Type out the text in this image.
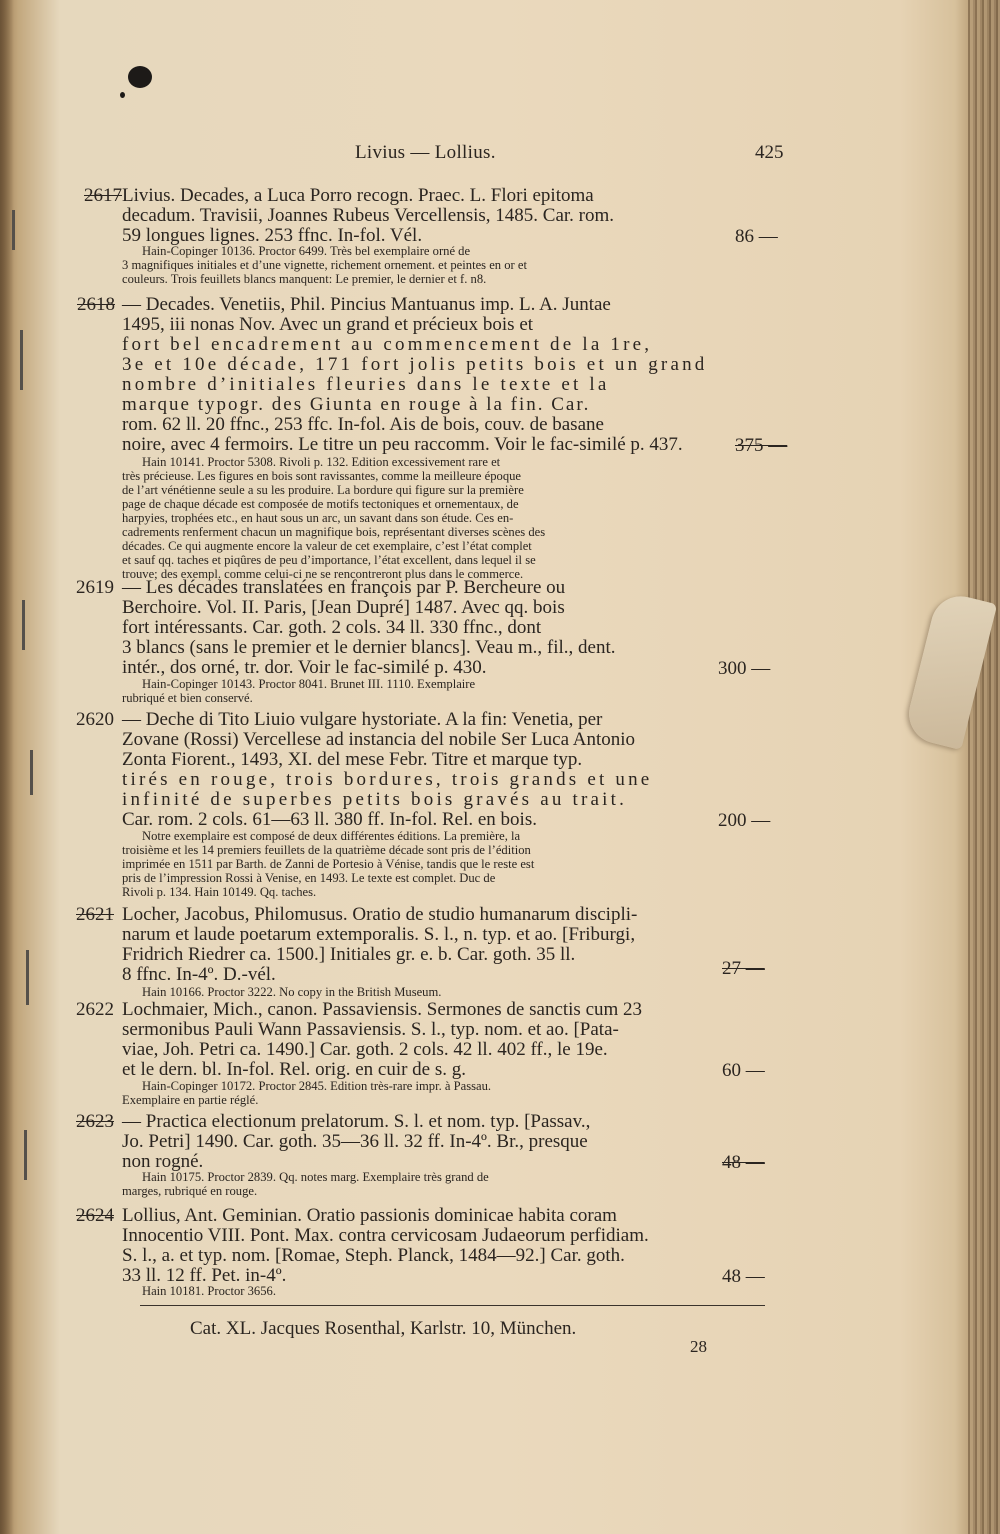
Livius — Lollius.	425
2617 Livius. Decades, a Luca Porro recogn. Praec. L. Flori epitoma
decadum. Travisii, Joannes Rubeus Vercellensis, 1485. Car. rom.
59 longues lignes. 253 ffnc. In-fol. Vél.
Hain-Copinger 10136. Proctor 6499. Très bel exemplaire orné de
3 magnifiques initiales et d’une vignette, richement ornement. et peintes en or et
couleurs. Trois feuillets blancs manquent: Le premier, le dernier et f. n8.
86 —
2618 — Decades. Venetiis, Phil. Pincius Mantuanus imp. L. A. Juntae
1495, iii nonas Nov. Avec un grand et précieux bois et
fort bel encadrement au commencement de la 1re,
3e et 10e décade, 171 fort jolis petits bois et un grand
nombre d’initiales fleuries dans le texte et la
marque typogr. des Giunta en rouge à la fin. Car.
rom. 62 ll. 20 ffnc., 253 ffc. In-fol. Ais de bois, couv. de basane
noire, avec 4 fermoirs. Le titre un peu raccomm. Voir le fac-similé p. 437.
Hain 10141. Proctor 5308. Rivoli p. 132. Edition excessivement rare et
très précieuse. Les figures en bois sont ravissantes, comme la meilleure époque
de l’art vénétienne seule a su les produire. La bordure qui figure sur la première
page de chaque décade est composée de motifs tectoniques et ornementaux, de
harpyies, trophées etc., en haut sous un arc, un savant dans son étude. Ces en-
cadrements renferment chacun un magnifique bois, représentant diverses scènes des
décades. Ce qui augmente encore la valeur de cet exemplaire, c’est l’état complet
et sauf qq. taches et piqûres de peu d’importance, l’état excellent, dans lequel il se
trouve; des exempl. comme celui-ci ne se rencontreront plus dans le commerce.
375 —
2619 — Les décades translatées en françois par P. Bercheure ou
Berchoire. Vol. II. Paris, [Jean Dupré] 1487. Avec qq. bois
fort intéressants. Car. goth. 2 cols. 34 ll. 330 ffnc., dont
3 blancs (sans le premier et le dernier blancs]. Veau m., fil., dent.
intér., dos orné, tr. dor. Voir le fac-similé p. 430.
Hain-Copinger 10143. Proctor 8041. Brunet III. 1110. Exemplaire
rubriqué et bien conservé.
300 —
2620 — Deche di Tito Liuio vulgare hystoriate. A la fin: Venetia, per
Zovane (Rossi) Vercellese ad instancia del nobile Ser Luca Antonio
Zonta Fiorent., 1493, XI. del mese Febr. Titre et marque typ.
tirés en rouge, trois bordures, trois grands et une
infinité de superbes petits bois gravés au trait.
Car. rom. 2 cols. 61—63 ll. 380 ff. In-fol. Rel. en bois.
Notre exemplaire est composé de deux différentes éditions. La première, la
troisième et les 14 premiers feuillets de la quatrième décade sont pris de l’édition
imprimée en 1511 par Barth. de Zanni de Portesio à Vénise, tandis que le reste est
pris de l’impression Rossi à Venise, en 1493. Le texte est complet. Duc de
Rivoli p. 134. Hain 10149. Qq. taches.
200 —
2621 Locher, Jacobus, Philomusus. Oratio de studio humanarum discipli-
narum et laude poetarum extemporalis. S. l., n. typ. et ao. [Friburgi,
Fridrich Riedrer ca. 1500.] Initiales gr. e. b. Car. goth. 35 ll.
8 ffnc. In-4º. D.-vél.
Hain 10166. Proctor 3222. No copy in the British Museum.
27 —
2622 Lochmaier, Mich., canon. Passaviensis. Sermones de sanctis cum 23
sermonibus Pauli Wann Passaviensis. S. l., typ. nom. et ao. [Pata-
viae, Joh. Petri ca. 1490.] Car. goth. 2 cols. 42 ll. 402 ff., le 19e.
et le dern. bl. In-fol. Rel. orig. en cuir de s. g.
Hain-Copinger 10172. Proctor 2845. Edition très-rare impr. à Passau.
Exemplaire en partie réglé.
60 —
2623 — Practica electionum prelatorum. S. l. et nom. typ. [Passav.,
Jo. Petri] 1490. Car. goth. 35—36 ll. 32 ff. In-4º. Br., presque
non rogné.
Hain 10175. Proctor 2839. Qq. notes marg. Exemplaire très grand de
marges, rubriqué en rouge.
48 —
2624 Lollius, Ant. Geminian. Oratio passionis dominicae habita coram
Innocentio VIII. Pont. Max. contra cervicosam Judaeorum perfidiam.
S. l., a. et typ. nom. [Romae, Steph. Planck, 1484—92.] Car. goth.
33 ll. 12 ff. Pet. in-4º.
Hain 10181. Proctor 3656.
48 —
Cat. XL. Jacques Rosenthal, Karlstr. 10, München.
28
